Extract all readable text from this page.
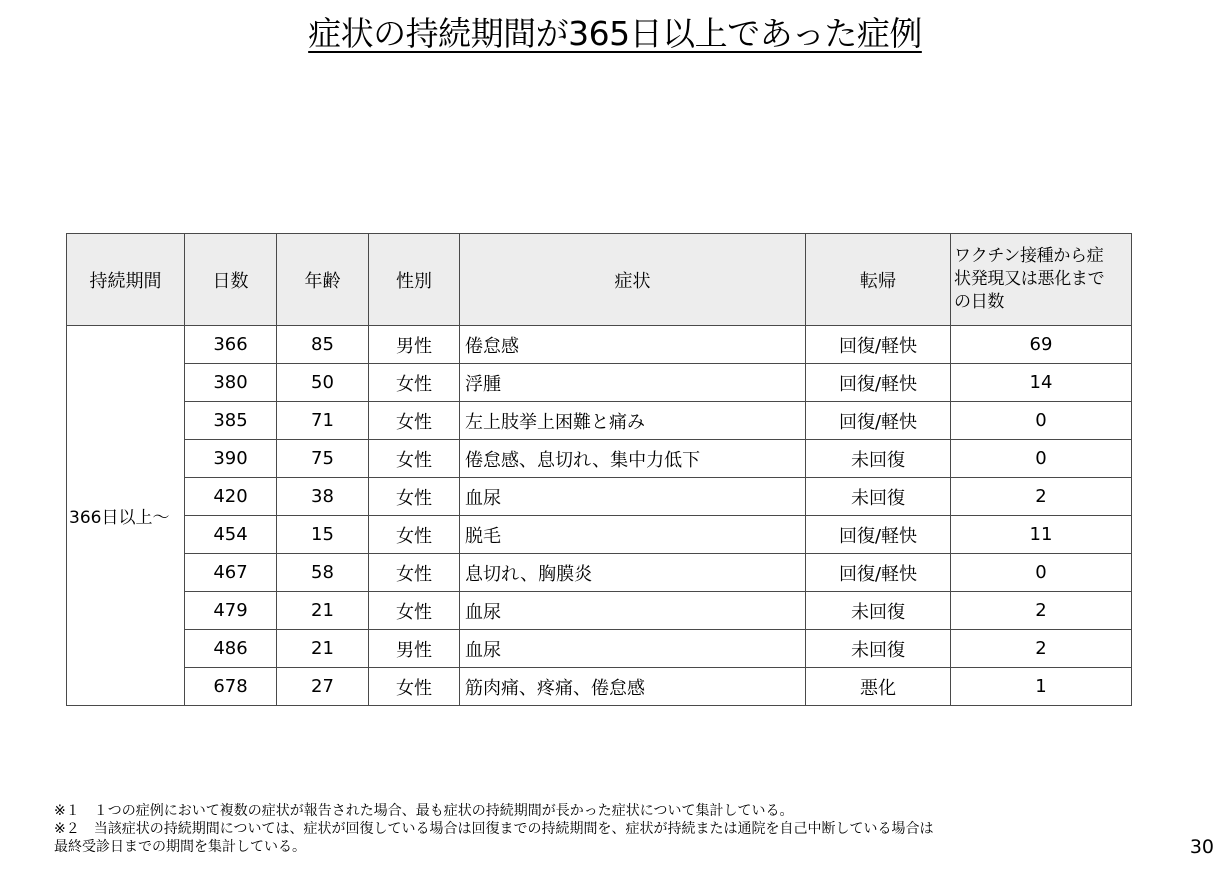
症状の持続期間が365日以上であった症例
持続期間	日数	年齢	性別	症状	転帰	ワクチン接種から症
状発現又は悪化まで
の日数

366日以上～	366	85	男性	倦怠感	回復/軽快	69
	380	50	女性	浮腫	回復/軽快	14
	385	71	女性	左上肢挙上困難と痛み	回復/軽快	0
	390	75	女性	倦怠感、息切れ、集中力低下	未回復	0
	420	38	女性	血尿	未回復	2
	454	15	女性	脱毛	回復/軽快	11
	467	58	女性	息切れ、胸膜炎	回復/軽快	0
	479	21	女性	血尿	未回復	2
	486	21	男性	血尿	未回復	2
	678	27	女性	筋肉痛、疼痛、倦怠感	悪化	1
※１　１つの症例において複数の症状が報告された場合、最も症状の持続期間が長かった症状について集計している。
※２　当該症状の持続期間については、症状が回復している場合は回復までの持続期間を、症状が持続または通院を自己中断している場合は
最終受診日までの期間を集計している。	30
